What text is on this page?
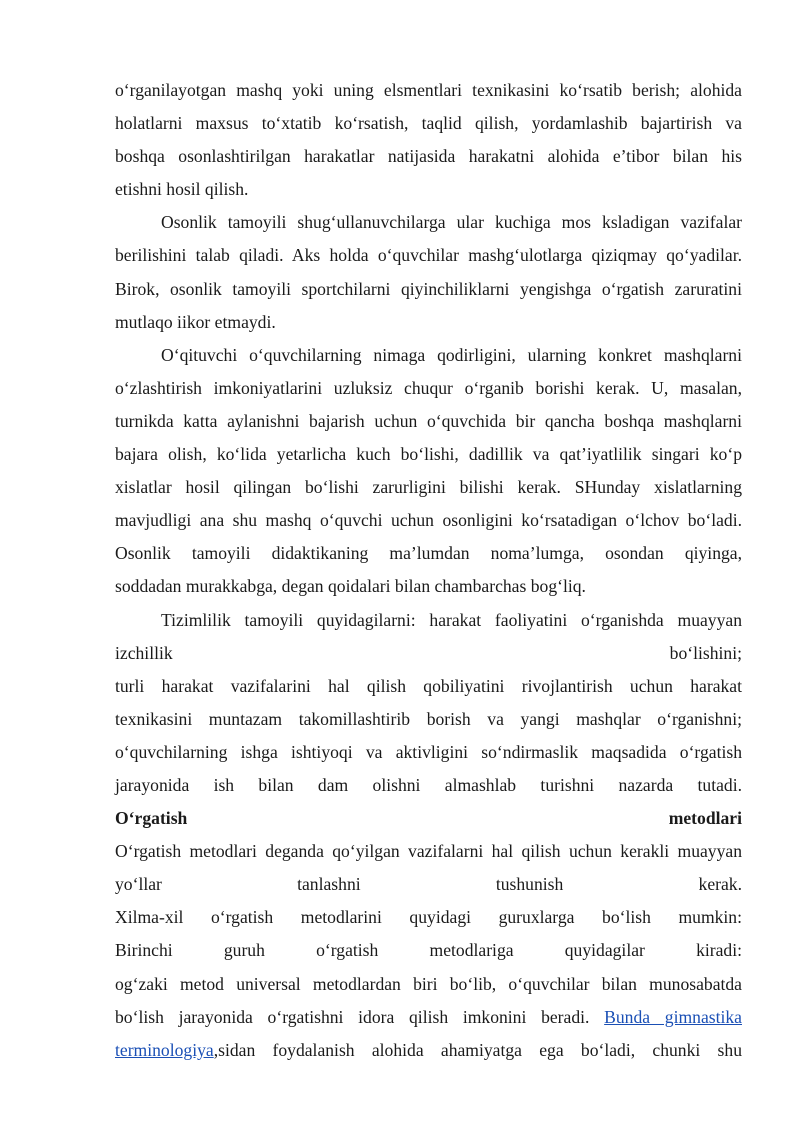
o‘rganilayotgan mashq yoki uning elsmentlari texnikasini ko‘rsatib berish; alohida
holatlarni maxsus to‘xtatib ko‘rsatish, taqlid qilish, yordamlashib bajartirish va
boshqa osonlashtirilgan harakatlar natijasida harakatni alohida e’tibor bilan his
etishni hosil qilish.
Osonlik tamoyili shug‘ullanuvchilarga ular kuchiga mos ksladigan vazifalar
berilishini talab qiladi. Aks holda o‘quvchilar mashg‘ulotlarga qiziqmay qo‘yadilar.
Birok, osonlik tamoyili sportchilarni qiyinchiliklarni yengishga o‘rgatish zaruratini
mutlaqo iikor etmaydi.
O‘qituvchi o‘quvchilarning nimaga qodirligini, ularning konkret mashqlarni
o‘zlashtirish imkoniyatlarini uzluksiz chuqur o‘rganib borishi kerak. U, masalan,
turnikda katta aylanishni bajarish uchun o‘quvchida bir qancha boshqa mashqlarni
bajara olish, ko‘lida yetarlicha kuch bo‘lishi, dadillik va qat’iyatlilik singari ko‘p
xislatlar hosil qilingan bo‘lishi zarurligini bilishi kerak. SHunday xislatlarning
mavjudligi ana shu mashq o‘quvchi uchun osonligini ko‘rsatadigan o‘lchov bo‘ladi.
Osonlik tamoyili didaktikaning ma’lumdan noma’lumga, osondan qiyinga,
soddadan murakkabga, degan qoidalari bilan chambarchas bog‘liq.
Tizimlilik tamoyili quyidagilarni: harakat faoliyatini o‘rganishda muayyan
izchillik bo‘lishini;
turli harakat vazifalarini hal qilish qobiliyatini rivojlantirish uchun harakat
texnikasini muntazam takomillashtirib borish va yangi mashqlar o‘rganishni;
o‘quvchilarning ishga ishtiyoqi va aktivligini so‘ndirmaslik maqsadida o‘rgatish
jarayonida ish bilan dam olishni almashlab turishni nazarda tutadi.
O‘rgatish metodlari
O‘rgatish metodlari deganda qo‘yilgan vazifalarni hal qilish uchun kerakli muayyan
yo‘llar tanlashni tushunish kerak.
Xilma-xil o‘rgatish metodlarini quyidagi guruxlarga bo‘lish mumkin:
Birinchi guruh o‘rgatish metodlariga quyidagilar kiradi:
og‘zaki metod universal metodlardan biri bo‘lib, o‘quvchilar bilan munosabatda
bo‘lish jarayonida o‘rgatishni idora qilish imkonini beradi. Bunda gimnastika
terminologiya,sidan foydalanish alohida ahamiyatga ega bo‘ladi, chunki shu
